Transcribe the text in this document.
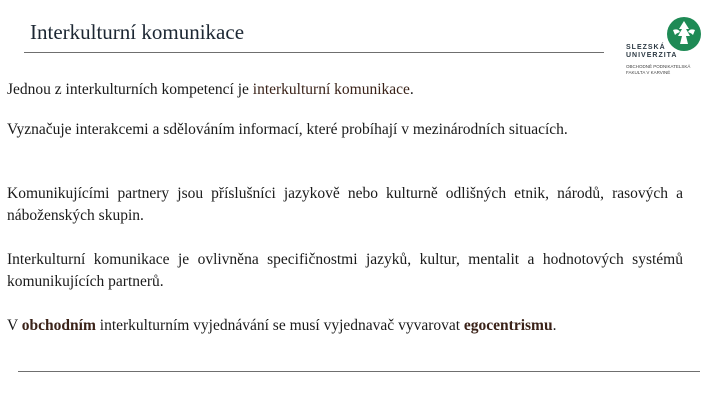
Interkulturní komunikace
SLEZSKÁ
UNIVERZITA
OBCHODNĚ PODNIKATELSKÁ
FAKULTA V KARVINÉ

Jednou z interkulturních kompetencí je interkulturní komunikace.

Vyznačuje interakcemi a sdělováním informací, které probíhají v mezinárodních situacích.

Komunikujícími partnery jsou příslušníci jazykově nebo kulturně odlišných etnik, národů, rasových a náboženských skupin.

Interkulturní komunikace je ovlivněna specifičnostmi jazyků, kultur, mentalit a hodnotových systémů komunikujících partnerů.

V obchodním interkulturním vyjednávání se musí vyjednavač vyvarovat egocentrismu.
